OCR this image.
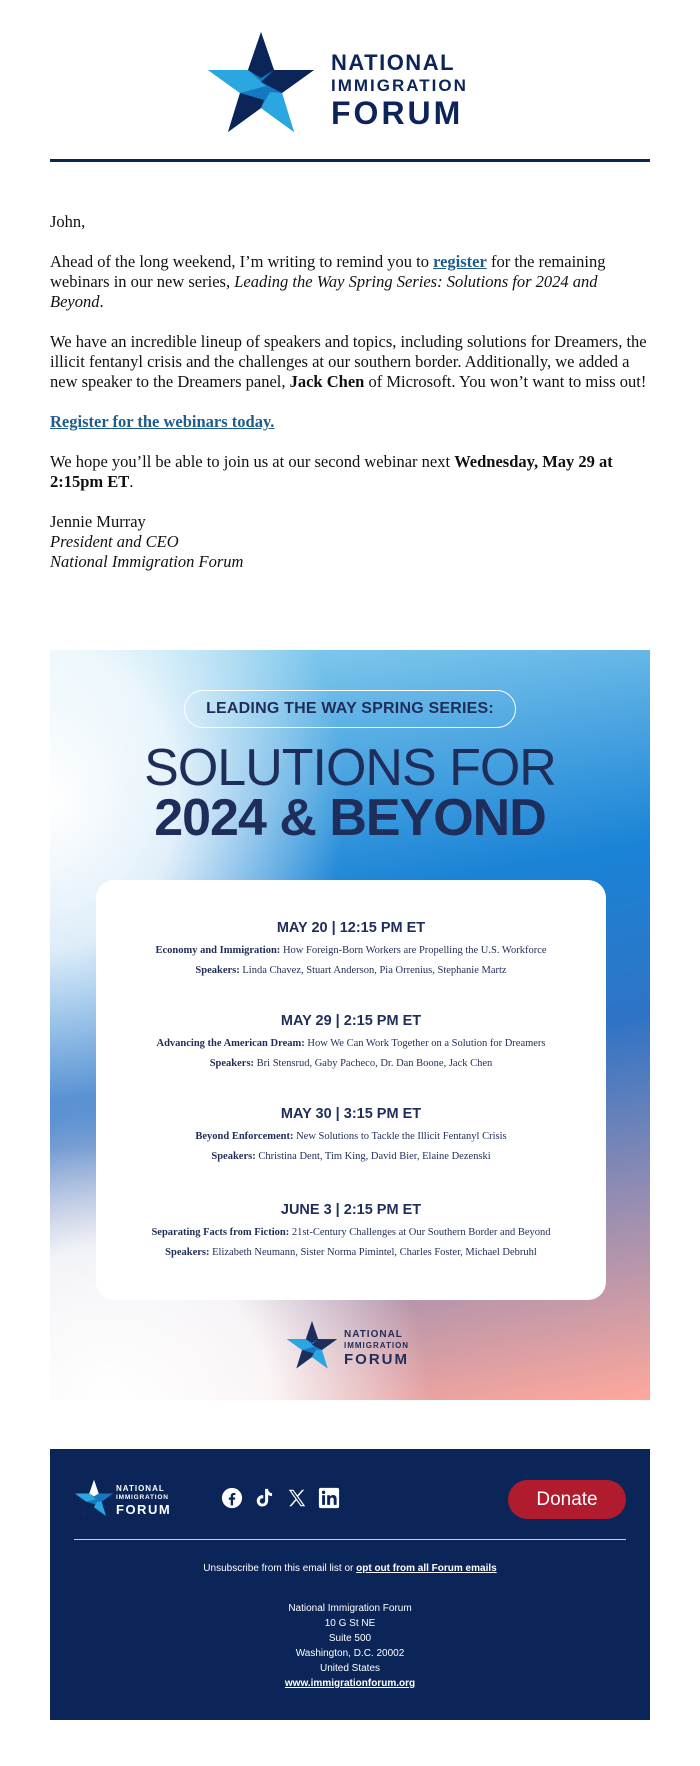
NATIONAL
IMMIGRATION
FORUM

John,

Ahead of the long weekend, I’m writing to remind you to register for the remaining webinars in our new series, Leading the Way Spring Series: Solutions for 2024 and Beyond.

We have an incredible lineup of speakers and topics, including solutions for Dreamers, the illicit fentanyl crisis and the challenges at our southern border. Additionally, we added a new speaker to the Dreamers panel, Jack Chen of Microsoft. You won’t want to miss out!

Register for the webinars today.

We hope you’ll be able to join us at our second webinar next Wednesday, May 29 at 2:15pm ET.

Jennie Murray
President and CEO
National Immigration Forum

LEADING THE WAY SPRING SERIES:
SOLUTIONS FOR
2024 & BEYOND
MAY 20 | 12:15 PM ET
Economy and Immigration: How Foreign-Born Workers are Propelling the U.S. Workforce
Speakers: Linda Chavez, Stuart Anderson, Pia Orrenius, Stephanie Martz
MAY 29 | 2:15 PM ET
Advancing the American Dream: How We Can Work Together on a Solution for Dreamers
Speakers: Bri Stensrud, Gaby Pacheco, Dr. Dan Boone, Jack Chen
MAY 30 | 3:15 PM ET
Beyond Enforcement: New Solutions to Tackle the Illicit Fentanyl Crisis
Speakers: Christina Dent, Tim King, David Bier, Elaine Dezenski
JUNE 3 | 2:15 PM ET
Separating Facts from Fiction: 21st-Century Challenges at Our Southern Border and Beyond
Speakers: Elizabeth Neumann, Sister Norma Pimintel, Charles Foster, Michael Debruhl
NATIONAL
IMMIGRATION
FORUM
NATIONAL
IMMIGRATION
FORUM	Donate
Unsubscribe from this email list or opt out from all Forum emails
National Immigration Forum
10 G St NE
Suite 500
Washington, D.C. 20002
United States
www.immigrationforum.org
